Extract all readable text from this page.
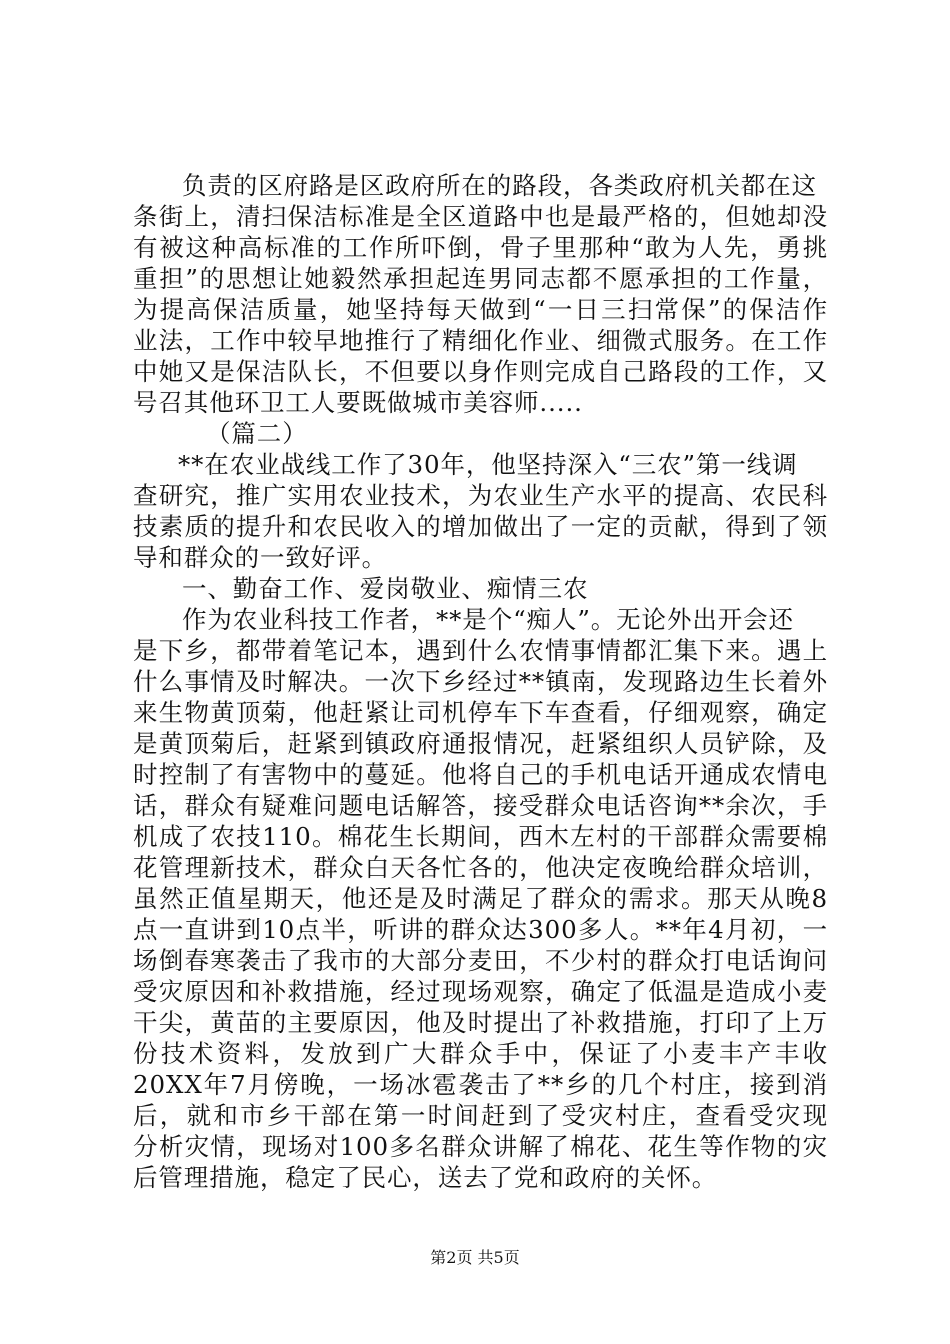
负责的区府路是区政府所在的路段，各类政府机关都在这
条街上，清扫保洁标准是全区道路中也是最严格的，但她却没
有被这种高标准的工作所吓倒，骨子里那种“敢为人先，勇挑
重担”的思想让她毅然承担起连男同志都不愿承担的工作量，
为提高保洁质量，她坚持每天做到“一日三扫常保”的保洁作
业法，工作中较早地推行了精细化作业、细微式服务。在工作
中她又是保洁队长，不但要以身作则完成自己路段的工作，又
号召其他环卫工人要既做城市美容师.....
（篇二）
**在农业战线工作了30年，他坚持深入“三农”第一线调
查研究，推广实用农业技术，为农业生产水平的提高、农民科
技素质的提升和农民收入的增加做出了一定的贡献，得到了领
导和群众的一致好评。
一、勤奋工作、爱岗敬业、痴情三农
作为农业科技工作者，**是个“痴人”。无论外出开会还
是下乡，都带着笔记本，遇到什么农情事情都汇集下来。遇上
什么事情及时解决。一次下乡经过**镇南，发现路边生长着外
来生物黄顶菊，他赶紧让司机停车下车查看，仔细观察，确定
是黄顶菊后，赶紧到镇政府通报情况，赶紧组织人员铲除，及
时控制了有害物中的蔓延。他将自己的手机电话开通成农情电
话，群众有疑难问题电话解答，接受群众电话咨询**余次，手
机成了农技110。棉花生长期间，西木左村的干部群众需要棉
花管理新技术，群众白天各忙各的，他决定夜晚给群众培训，
虽然正值星期天，他还是及时满足了群众的需求。那天从晚8
点一直讲到10点半，听讲的群众达300多人。**年4月初，一
场倒春寒袭击了我市的大部分麦田，不少村的群众打电话询问
受灾原因和补救措施，经过现场观察，确定了低温是造成小麦
干尖，黄苗的主要原因，他及时提出了补救措施，打印了上万
份技术资料，发放到广大群众手中，保证了小麦丰产丰收
20XX年7月傍晚，一场冰雹袭击了**乡的几个村庄，接到消
后，就和市乡干部在第一时间赶到了受灾村庄，查看受灾现
分析灾情，现场对100多名群众讲解了棉花、花生等作物的灾
后管理措施，稳定了民心，送去了党和政府的关怀。
第2页 共5页
